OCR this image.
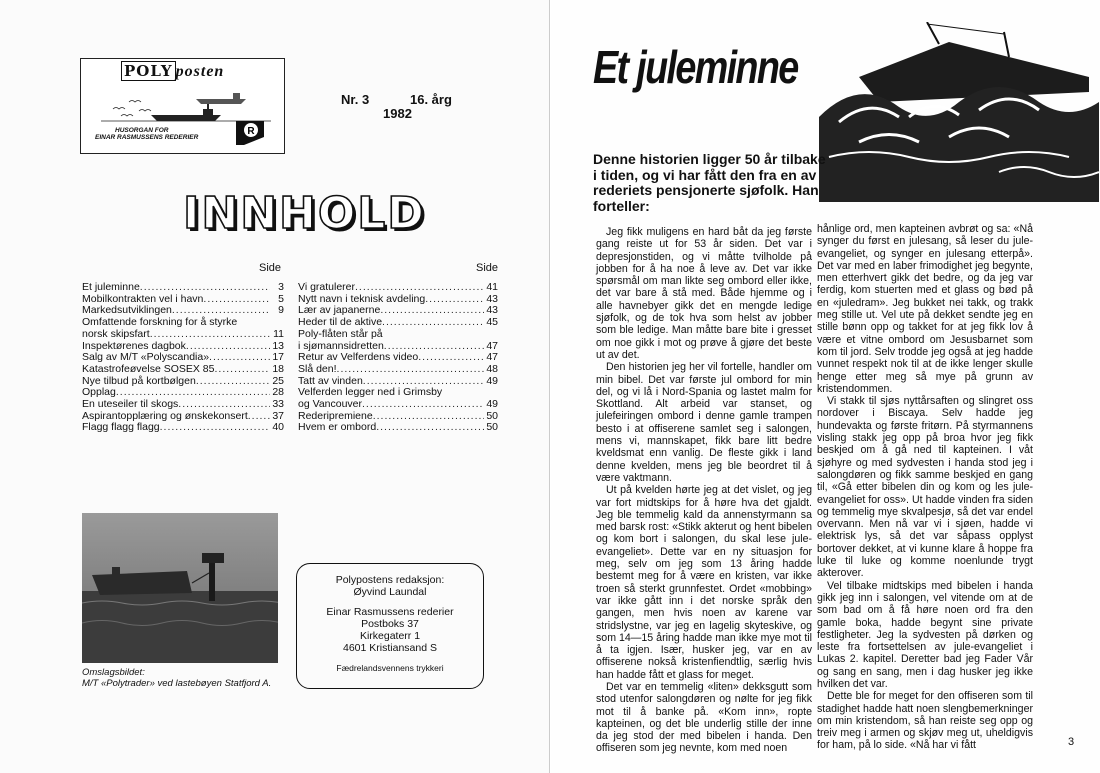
POLY posten
HUSORGAN FOR
EINAR RASMUSSENS REDERIER
R
Nr. 3	16. årg
1982
INNHOLD
Side	Side
Et juleminne .....	3
Mobilkontrakten vel i havn .....	5
Markedsutviklingen .....	9
Omfattende forskning for å styrke
norsk skipsfart .....	11
Inspektørenes dagbok .....	13
Salg av M/T «Polyscandia» .....	17
Katastrofeøvelse SOSEX 85 .....	18
Nye tilbud på kortbølgen .....	25
Opplag .....	28
En uteseiler til skogs .....	33
Aspirantopplæring og ønskekonsert ..... 37
Flagg flagg flagg .....	40
Vi gratulerer .....	41
Nytt navn i teknisk avdeling .....	43
Lær av japanerne .....	43
Heder til de aktive .....	45
Poly-flåten står på
i sjømannsidretten .....	47
Retur av Velferdens video .....	47
Slå den! .....	48
Tatt av vinden .....	49
Velferden legger ned i Grimsby
og Vancouver .....	49
Rederipremiene .....	50
Hvem er ombord .....	50
Omslagsbildet:
M/T «Polytrader» ved lastebøyen Statfjord A.
Polypostens redaksjon:
Øyvind Laundal
Einar Rasmussens rederier
Postboks 37
Kirkegaterr 1
4601 Kristiansand S
Fædrelandsvennens trykkeri
Et juleminne
Denne historien ligger 50 år tilbake i tiden, og vi har fått den fra en av rederiets pensjonerte sjøfolk. Han forteller:

Jeg fikk muligens en hard båt da jeg første gang reiste ut for 53 år siden. Det var i depresjonstiden, og vi måtte tvilholde på jobben for å ha noe å leve av. Det var ikke spørsmål om man likte seg ombord eller ikke, det var bare å stå med. Både hjemme og i alle havnebyer gikk det en mengde ledige sjøfolk, og de tok hva som helst av jobber som ble ledige. Man måtte bare bite i gresset om noe gikk i mot og prøve å gjøre det beste ut av det.

Den historien jeg her vil fortelle, handler om min bibel. Det var første jul ombord for min del, og vi lå i Nord-Spania og lastet malm for Skottland. Alt arbeid var stanset, og julefeiringen ombord i denne gamle trampen besto i at offiserene samlet seg i salongen, mens vi, mannskapet, fikk bare litt bedre kveldsmat enn vanlig. De fleste gikk i land denne kvelden, mens jeg ble beordret til å være vaktmann.

Ut på kvelden hørte jeg at det vislet, og jeg var fort midtskips for å høre hva det gjaldt. Jeg ble temmelig kald da annenstyrmann sa med barsk rost: «Stikk akterut og hent bibelen og kom bort i salongen, du skal lese jule-evangeliet». Dette var en ny situasjon for meg, selv om jeg som 13 åring hadde bestemt meg for å være en kristen, var ikke troen så sterkt grunnfestet. Ordet «mobbing» var ikke gått inn i det norske språk den gangen, men hvis noen av karene var stridslystne, var jeg en lagelig skyteskive, og som 14—15 åring hadde man ikke mye mot til å ta igjen. Især, husker jeg, var en av offiserene nokså kristenfiendtlig, særlig hvis han hadde fått et glass for meget.

Det var en temmelig «liten» dekksgutt som stod utenfor salongdøren og nølte for jeg fikk mot til å banke på. «Kom inn», ropte kapteinen, og det ble underlig stille der inne da jeg stod der med bibelen i handa. Den offiseren som jeg nevnte, kom med noen

hånlige ord, men kapteinen avbrøt og sa: «Nå synger du først en julesang, så leser du jule-evangeliet, og synger en julesang etterpå». Det var med en laber frimodighet jeg begynte, men etterhvert gikk det bedre, og da jeg var ferdig, kom stuerten med et glass og bød på en «juledram». Jeg bukket nei takk, og trakk meg stille ut. Vel ute på dekket sendte jeg en stille bønn opp og takket for at jeg fikk lov å være et vitne ombord om Jesusbarnet som kom til jord. Selv trodde jeg også at jeg hadde vunnet respekt nok til at de ikke lenger skulle henge etter meg så mye på grunn av kristendommen.

Vi stakk til sjøs nyttårsaften og slingret oss nordover i Biscaya. Selv hadde jeg hundevakta og første fritørn. På styrmannens visling stakk jeg opp på broa hvor jeg fikk beskjed om å gå ned til kapteinen. I våt sjøhyre og med sydvesten i handa stod jeg i salongdøren og fikk samme beskjed en gang til, «Gå etter bibelen din og kom og les jule-evangeliet for oss». Ut hadde vinden fra siden og temmelig mye skvalpesjø, så det var endel overvann. Men nå var vi i sjøen, hadde vi elektrisk lys, så det var såpass opplyst bortover dekket, at vi kunne klare å hoppe fra luke til luke og komme noenlunde trygt akterover.

Vel tilbake midtskips med bibelen i handa gikk jeg inn i salongen, vel vitende om at de som bad om å få høre noen ord fra den gamle boka, hadde begynt sine private festligheter. Jeg la sydvesten på dørken og leste fra fortsettelsen av jule-evangeliet i Lukas 2. kapitel. Deretter bad jeg Fader Vår og sang en sang, men i dag husker jeg ikke hvilken det var.

Dette ble for meget for den offiseren som til stadighet hadde hatt noen slengbemerkninger om min kristendom, så han reiste seg opp og treiv meg i armen og skjøv meg ut, uheldigvis for ham, på lo side. «Nå har vi fått	3
